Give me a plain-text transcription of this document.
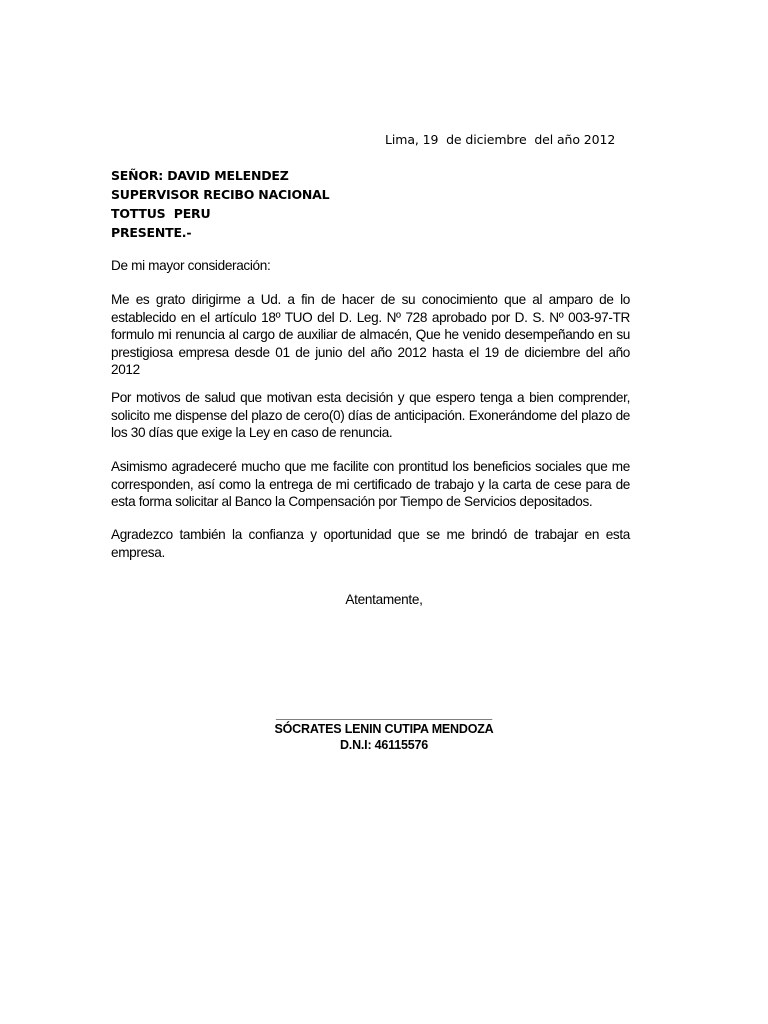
Lima, 19  de diciembre  del año 2012
SEÑOR: DAVID MELENDEZ
SUPERVISOR RECIBO NACIONAL
TOTTUS  PERU
PRESENTE.-
De mi mayor consideración:
Me es grato dirigirme a Ud. a fin de hacer de su conocimiento que al amparo de lo establecido en el artículo 18º TUO del D. Leg. Nº 728 aprobado por D. S. Nº 003-97-TR formulo mi renuncia al cargo de auxiliar de almacén, Que he venido desempeñando en su prestigiosa empresa desde 01 de junio del año 2012 hasta el 19 de diciembre del año 2012
Por motivos de salud que motivan esta decisión y que espero tenga a bien comprender, solicito me dispense del plazo de cero(0) días de anticipación. Exonerándome del plazo de los 30 días que exige la Ley en caso de renuncia.
Asimismo agradeceré mucho que me facilite con prontitud los beneficios sociales que me corresponden, así como la entrega de mi certificado de trabajo y la carta de cese para de esta forma solicitar al Banco la Compensación por Tiempo de Servicios depositados.
Agradezco también la confianza y oportunidad que se me brindó de trabajar en esta empresa.
Atentamente,
________________________________
SÓCRATES LENIN CUTIPA MENDOZA
D.N.I: 46115576
